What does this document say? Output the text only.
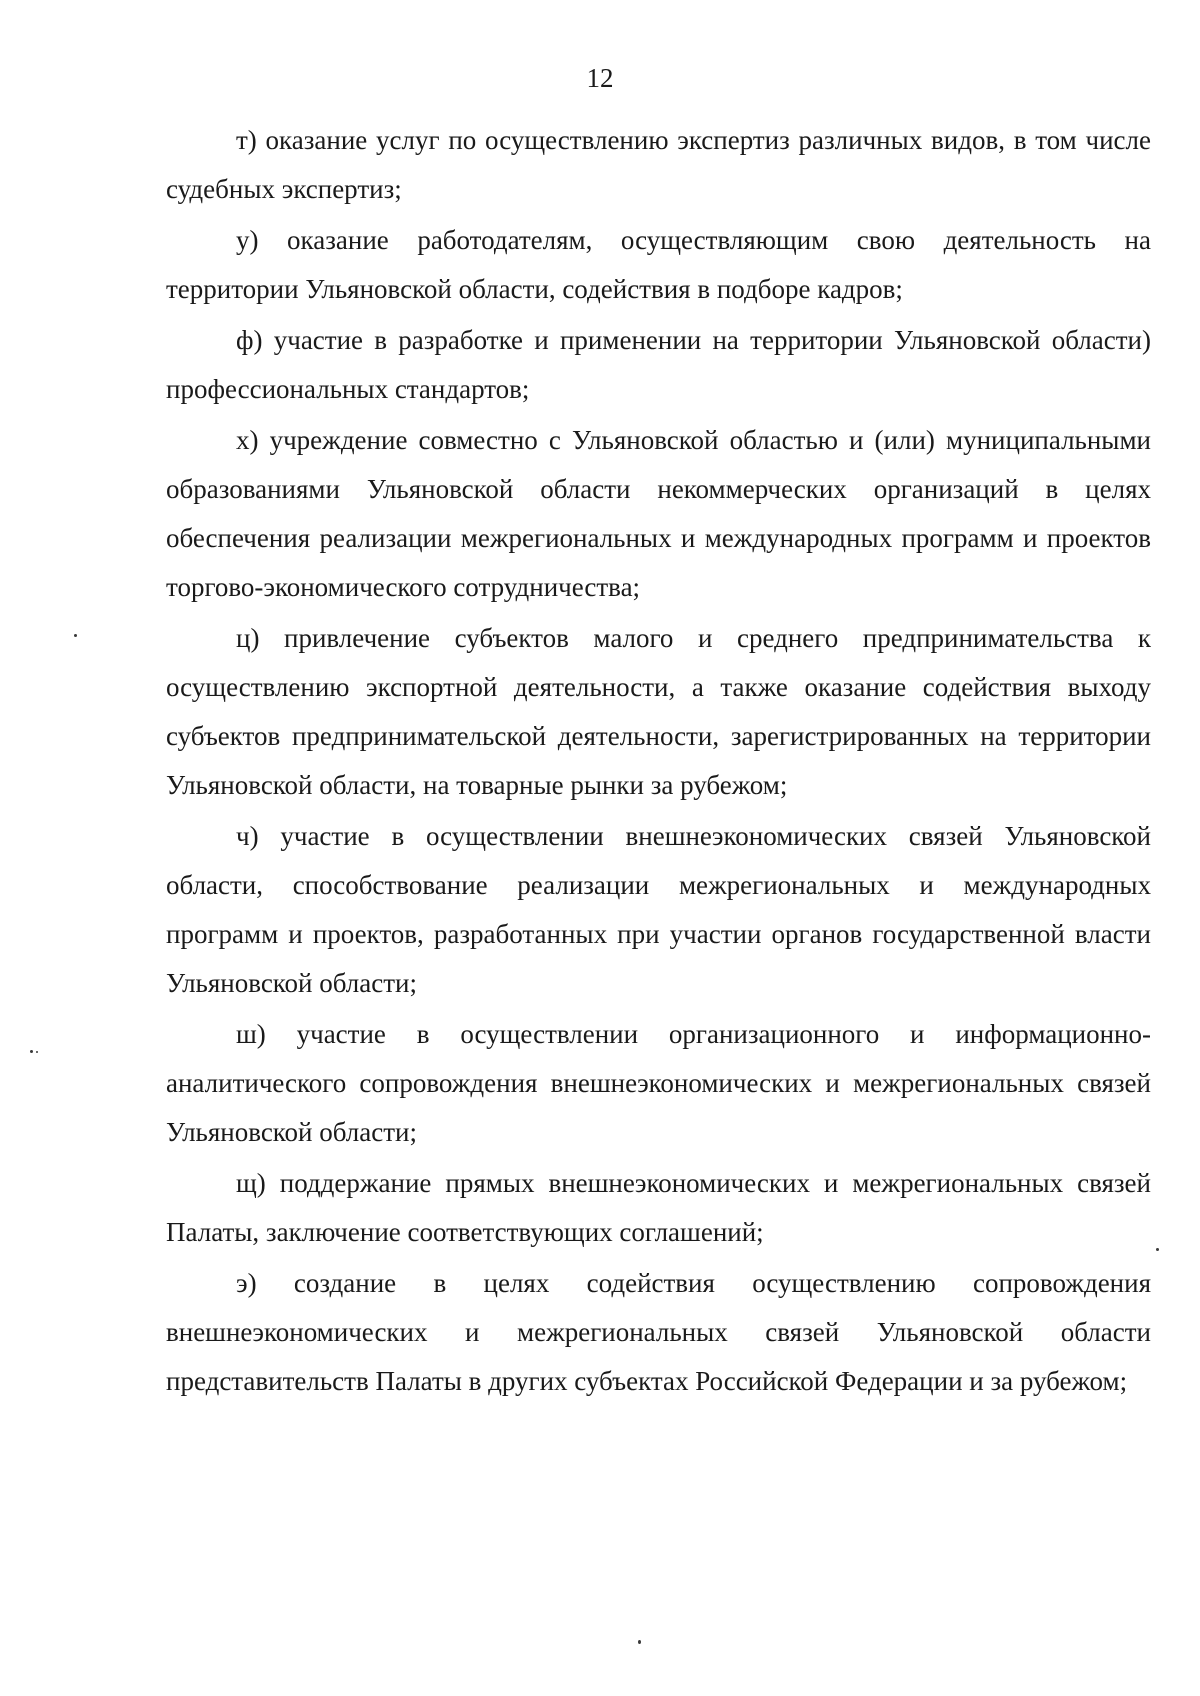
12

т) оказание услуг по осуществлению экспертиз различных видов, в том числе судебных экспертиз;

у) оказание работодателям, осуществляющим свою деятельность на территории Ульяновской области, содействия в подборе кадров;

ф) участие в разработке и применении на территории Ульяновской области) профессиональных стандартов;

х) учреждение совместно с Ульяновской областью и (или) муниципальными образованиями Ульяновской области некоммерческих организаций в целях обеспечения реализации межрегиональных и международных программ и проектов торгово-экономического сотрудничества;

ц) привлечение субъектов малого и среднего предпринимательства к осуществлению экспортной деятельности, а также оказание содействия выходу субъектов предпринимательской деятельности, зарегистрированных на территории Ульяновской области, на товарные рынки за рубежом;

ч) участие в осуществлении внешнеэкономических связей Ульяновской области, способствование реализации межрегиональных и международных программ и проектов, разработанных при участии органов государственной власти Ульяновской области;

ш) участие в осуществлении организационного и информационно-аналитического сопровождения внешнеэкономических и межрегиональных связей Ульяновской области;

щ) поддержание прямых внешнеэкономических и межрегиональных связей Палаты, заключение соответствующих соглашений;

э) создание в целях содействия осуществлению сопровождения внешнеэкономических и межрегиональных связей Ульяновской области представительств Палаты в других субъектах Российской Федерации и за рубежом;
